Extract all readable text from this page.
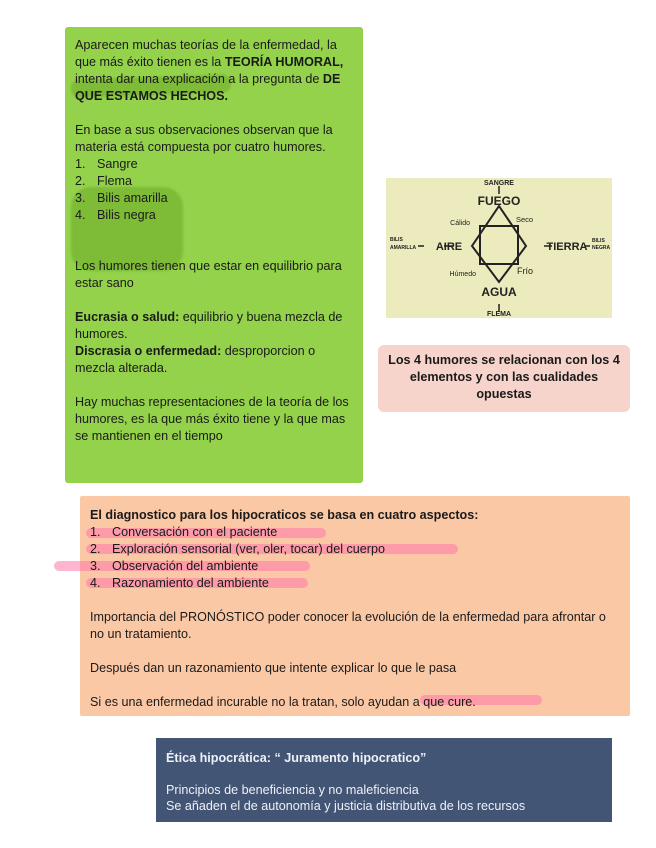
Aparecen muchas teorías de la enfermedad, la que más éxito tienen es la TEORÍA HUMORAL, intenta dar una explicación a la pregunta de DE QUE ESTAMOS HECHOS.

En base a sus observaciones observan que la materia está compuesta por cuatro humores.

1. Sangre
2. Flema
3. Bilis amarilla
4. Bilis negra

Los humores tienen que estar en equilibrio para estar sano

Eucrasia o salud: equilibrio y buena mezcla de humores.

Discrasia o enfermedad: desproporcion o mezcla alterada.

Hay muchas representaciones de la teoría de los humores, es la que más éxito tiene y la que mas se mantienen en el tiempo

SANGRE
FUEGO
Cálido	Seco
BILIS
AMARILLA AIRE	TIERRA BILIS
NEGRA
Húmedo	Frío
AGUA
FLEMA
Los 4 humores se relacionan con los 4 elementos y con las cualidades opuestas

El diagnostico para los hipocraticos se basa en cuatro aspectos:

1. Conversación con el paciente
2. Exploración sensorial (ver, oler, tocar) del cuerpo
3. Observación del ambiente
4. Razonamiento del ambiente

Importancia del PRONÓSTICO poder conocer la evolución de la enfermedad para afrontar o no un tratamiento.

Después dan un razonamiento que intente explicar lo que le pasa

Si es una enfermedad incurable no la tratan, solo ayudan a que cure.

Ética hipocrática: “ Juramento hipocratico”

Principios de beneficiencia y no maleficiencia

Se añaden el de autonomía y justicia distributiva de los recursos
